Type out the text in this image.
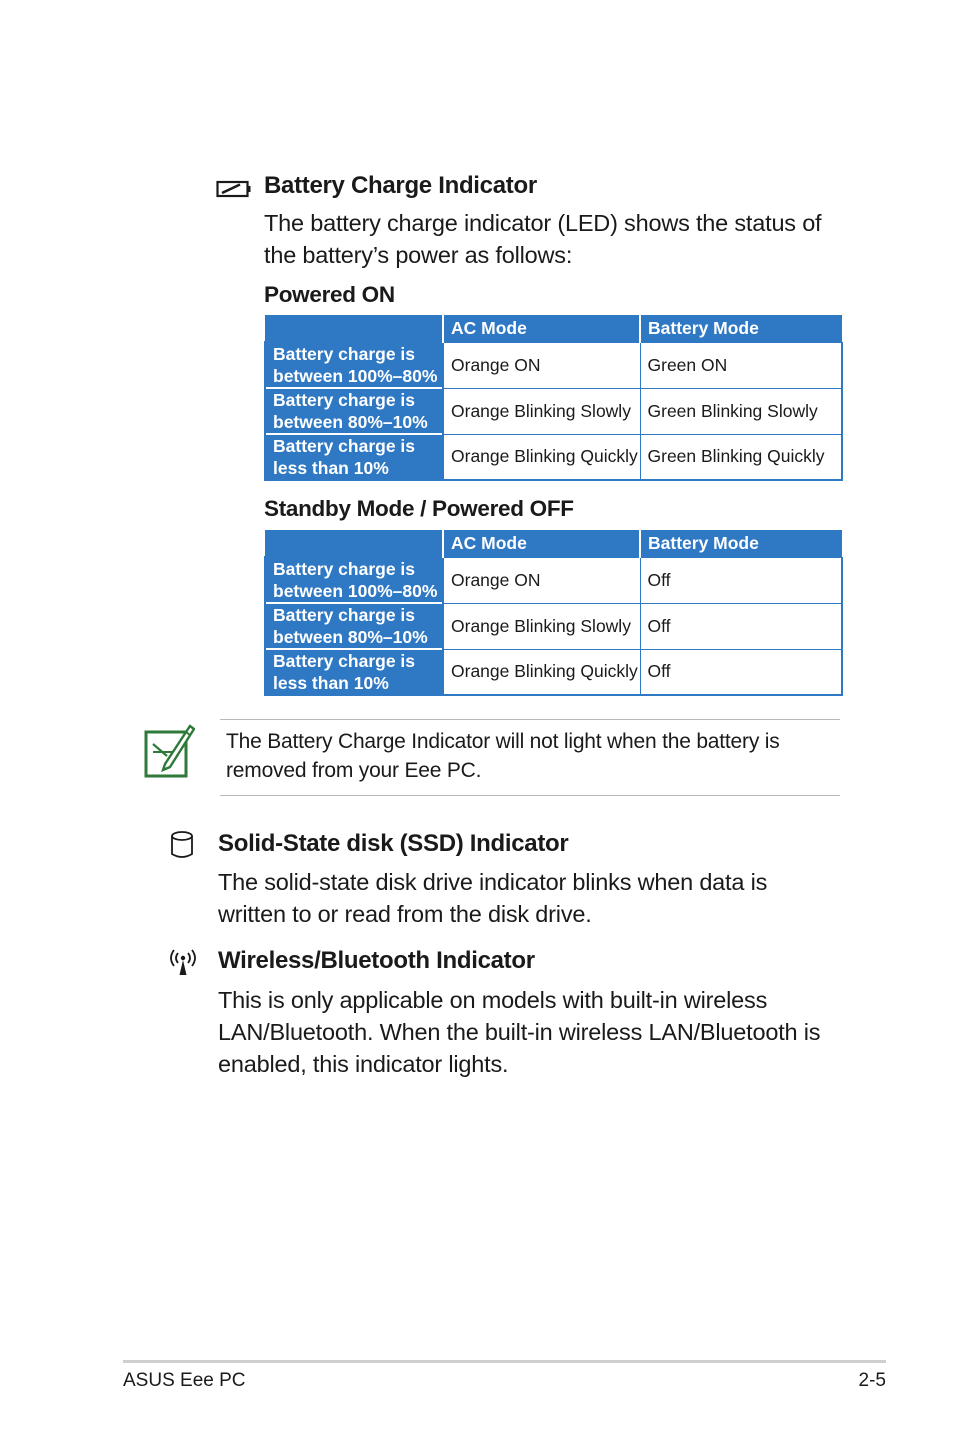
Battery Charge Indicator
The battery charge indicator (LED) shows the status of
the battery’s power as follows:
Powered ON
	AC Mode	Battery Mode

Battery charge is
between 100%–80%	Orange ON	Green ON

Battery charge is
between 80%–10%	Orange Blinking Slowly	Green Blinking Slowly

Battery charge is
less than 10%	Orange Blinking Quickly	Green Blinking Quickly
Standby Mode / Powered OFF
	AC Mode	Battery Mode

Battery charge is
between 100%–80%	Orange ON	Off

Battery charge is
between 80%–10%	Orange Blinking Slowly	Off

Battery charge is
less than 10%	Orange Blinking Quickly	Off
The Battery Charge Indicator will not light when the battery is
removed from your Eee PC.
Solid-State disk (SSD) Indicator
The solid-state disk drive indicator blinks when data is
written to or read from the disk drive.
Wireless/Bluetooth Indicator
This is only applicable on models with built-in wireless
LAN/Bluetooth. When the built-in wireless LAN/Bluetooth is
enabled, this indicator lights.
ASUS Eee PC	2-5
